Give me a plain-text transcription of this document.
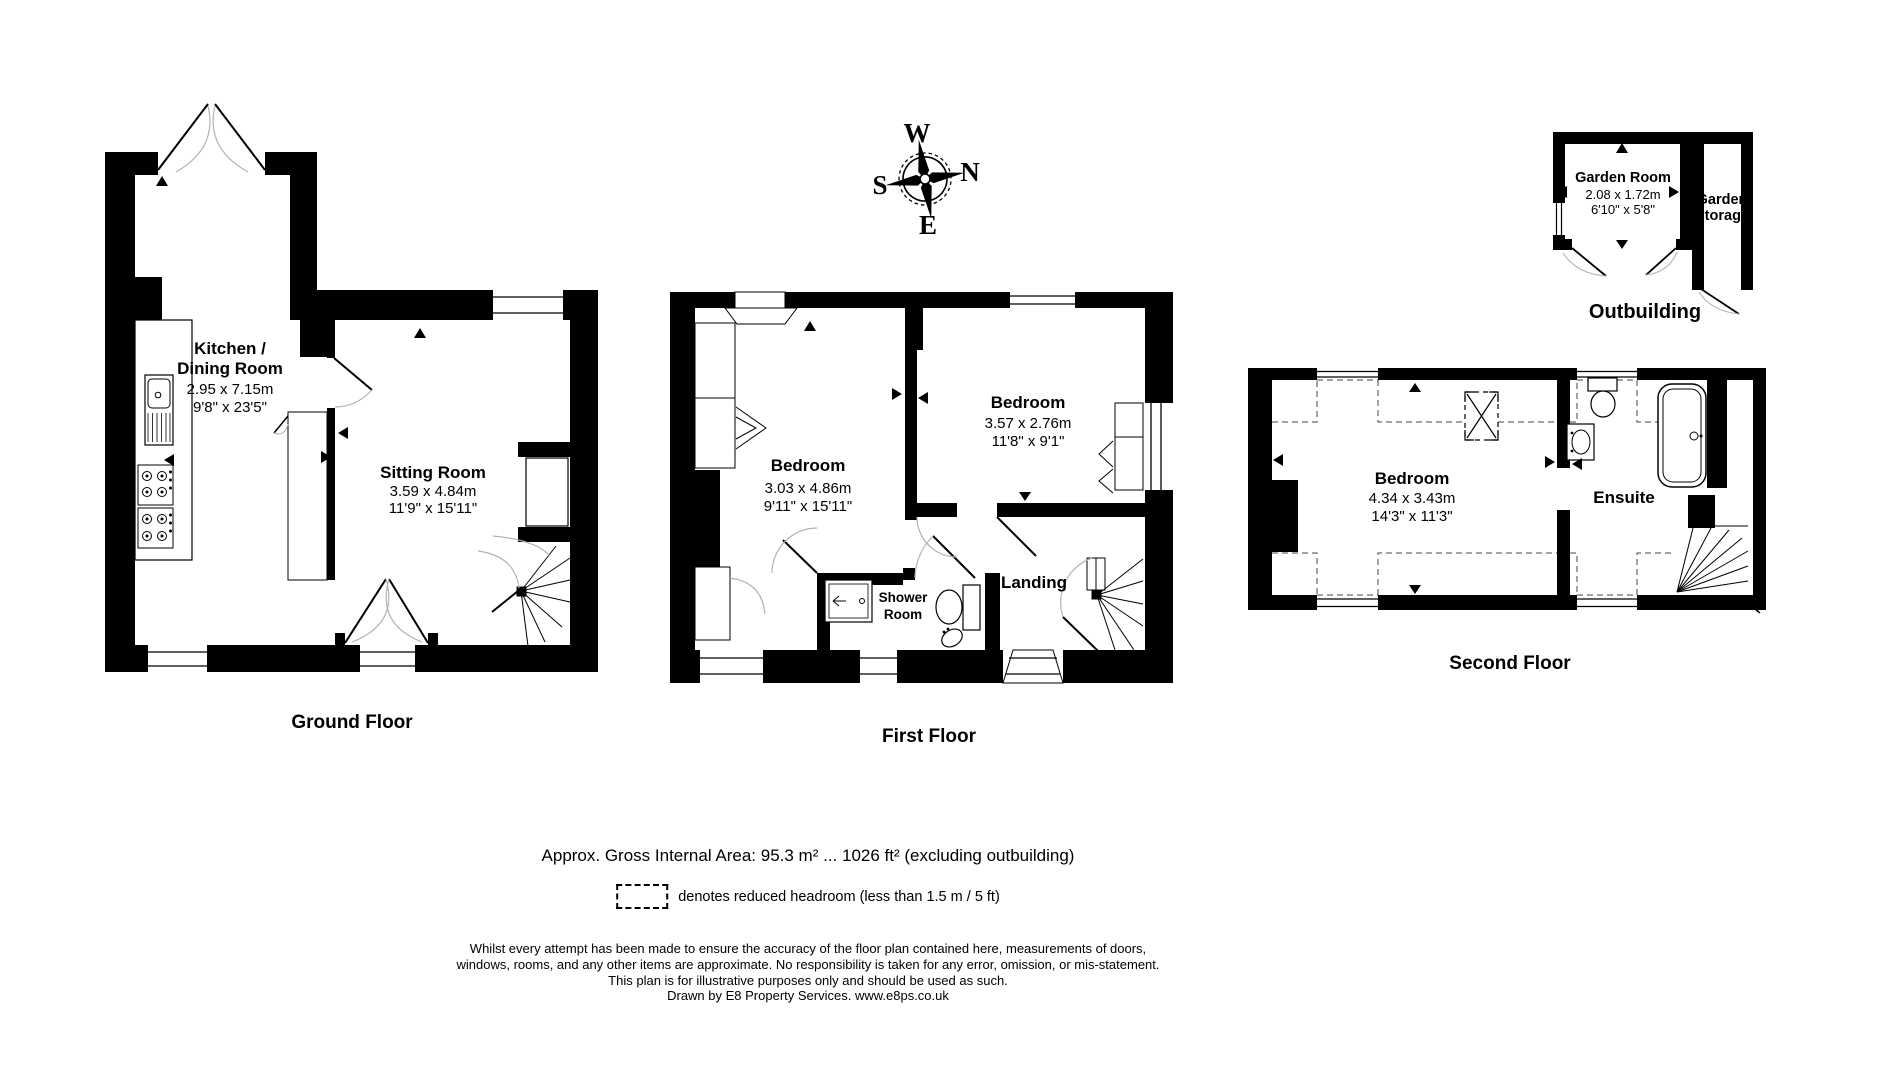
Kitchen /
Dining Room
2.95 x 7.15m
9'8" x 23'5"
Sitting Room
3.59 x 4.84m
11'9" x 15'11"
Ground Floor
Bedroom
3.03 x 4.86m
9'11" x 15'11"
Bedroom
3.57 x 2.76m
11'8" x 9'1"
Shower
Room
Landing
First Floor
Bedroom
4.34 x 3.43m
14'3" x 11'3"
Ensuite
Second Floor
Garden Room
2.08 x 1.72m
6'10" x 5'8"
Garden
Storage
Outbuilding
W
N
E
S
Approx. Gross Internal Area: 95.3 m² ... 1026 ft² (excluding outbuilding)
denotes reduced headroom (less than 1.5 m / 5 ft)
Whilst every attempt has been made to ensure the accuracy of the floor plan contained here, measurements of doors,
windows, rooms, and any other items are approximate. No responsibility is taken for any error, omission, or mis-statement.
This plan is for illustrative purposes only and should be used as such.
Drawn by E8 Property Services. www.e8ps.co.uk
